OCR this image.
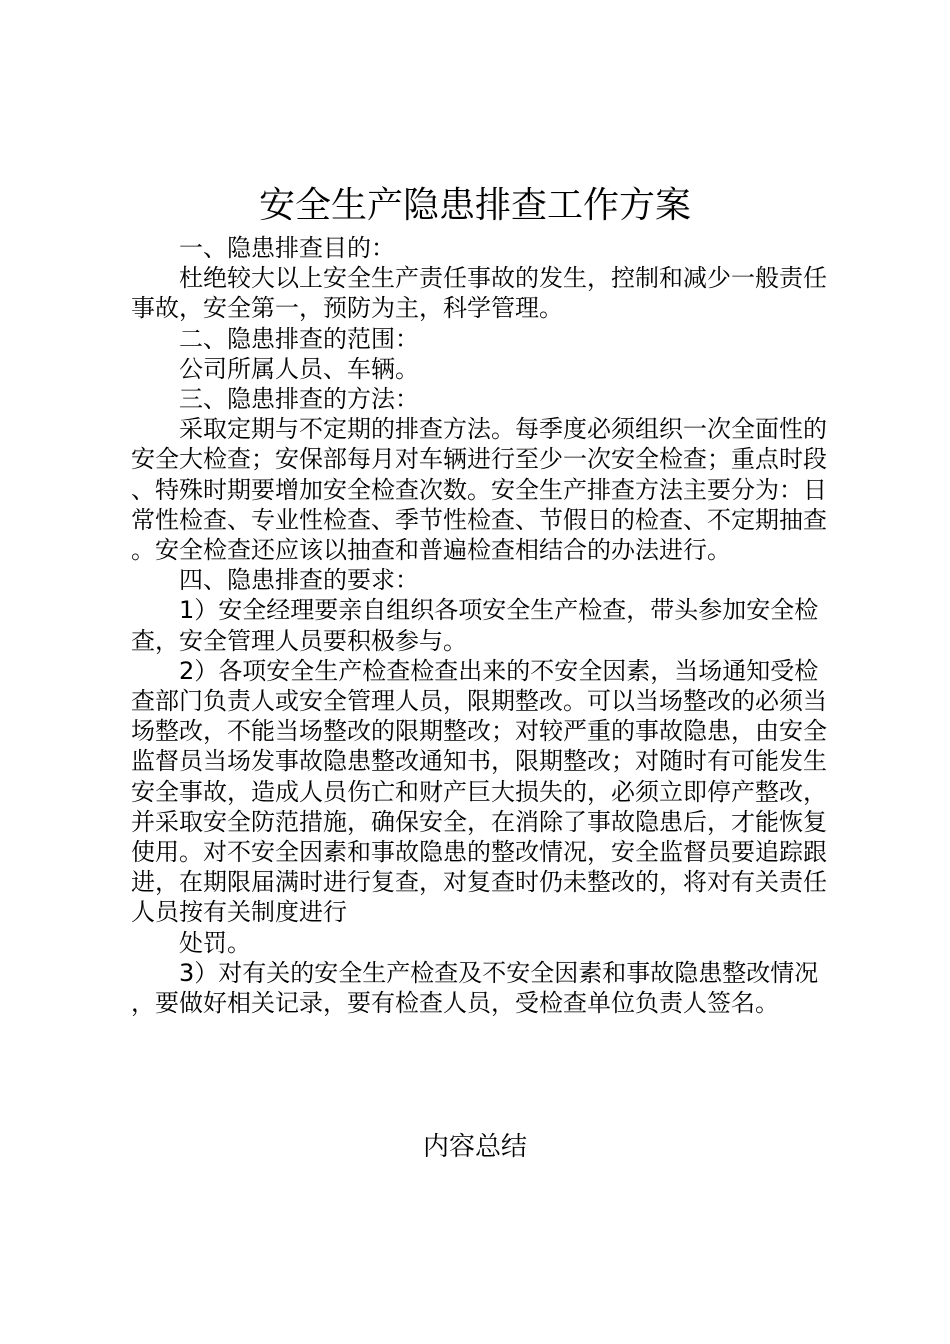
安全生产隐患排查工作方案

一、隐患排查目的：

杜绝较大以上安全生产责任事故的发生，控制和减少一般责任事故，安全第一，预防为主，科学管理。

二、隐患排查的范围：

公司所属人员、车辆。

三、隐患排查的方法：

采取定期与不定期的排查方法。每季度必须组织一次全面性的安全大检查；安保部每月对车辆进行至少一次安全检查；重点时段、特殊时期要增加安全检查次数。安全生产排查方法主要分为：日常性检查、专业性检查、季节性检查、节假日的检查、不定期抽查。安全检查还应该以抽查和普遍检查相结合的办法进行。

四、隐患排查的要求：

1）安全经理要亲自组织各项安全生产检查，带头参加安全检查，安全管理人员要积极参与。

2）各项安全生产检查检查出来的不安全因素，当场通知受检查部门负责人或安全管理人员，限期整改。可以当场整改的必须当场整改，不能当场整改的限期整改；对较严重的事故隐患，由安全监督员当场发事故隐患整改通知书，限期整改；对随时有可能发生安全事故，造成人员伤亡和财产巨大损失的，必须立即停产整改，并采取安全防范措施，确保安全，在消除了事故隐患后，才能恢复使用。对不安全因素和事故隐患的整改情况，安全监督员要追踪跟进，在期限届满时进行复查，对复查时仍未整改的，将对有关责任人员按有关制度进行

处罚。

3）对有关的安全生产检查及不安全因素和事故隐患整改情况，要做好相关记录，要有检查人员，受检查单位负责人签名。

内容总结
